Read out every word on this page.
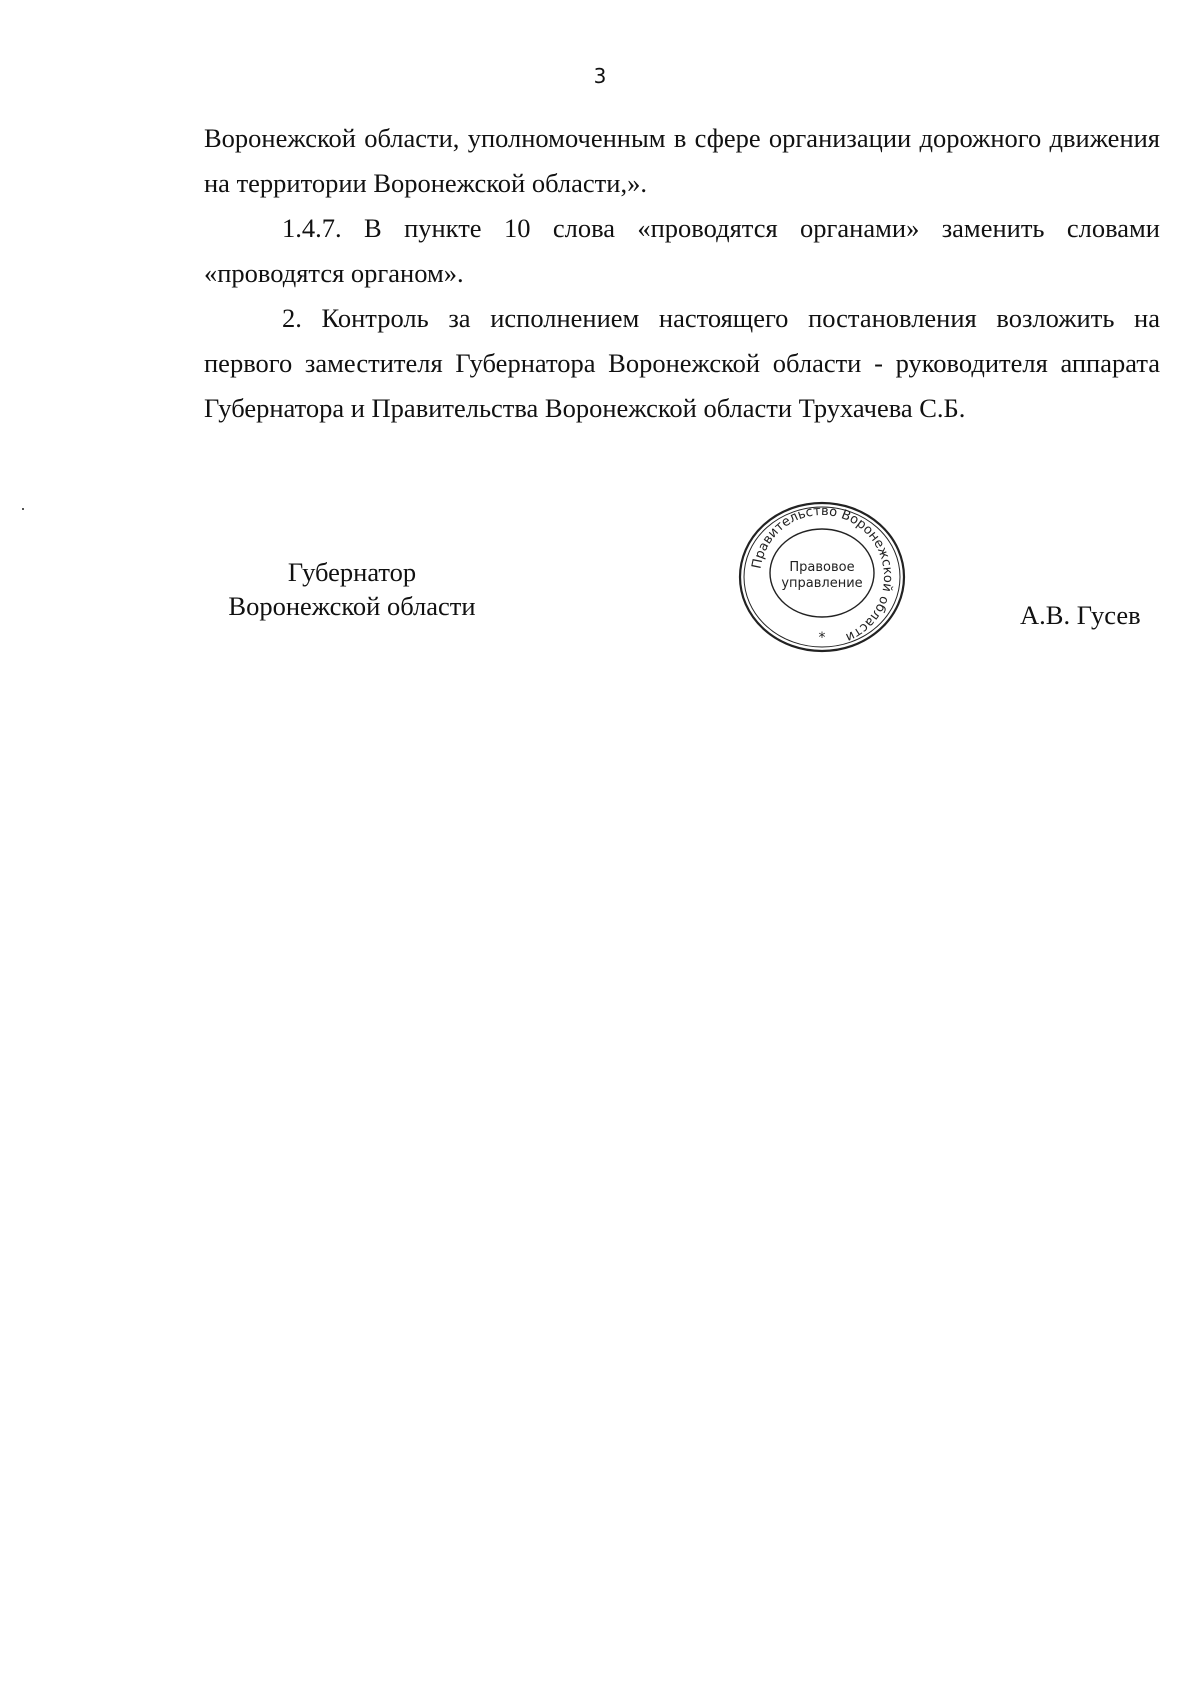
3

Воронежской области, уполномоченным в сфере организации дорожного движения на территории Воронежской области,».

1.4.7. В пункте 10 слова «проводятся органами» заменить словами «проводятся органом».

2. Контроль за исполнением настоящего постановления возложить на первого заместителя Губернатора Воронежской области - руководителя аппарата Губернатора и Правительства Воронежской области Трухачева С.Б.

Губернатор
Воронежской области
Правительство Воронежской области
Правовое
управление
*
А.В. Гусев
